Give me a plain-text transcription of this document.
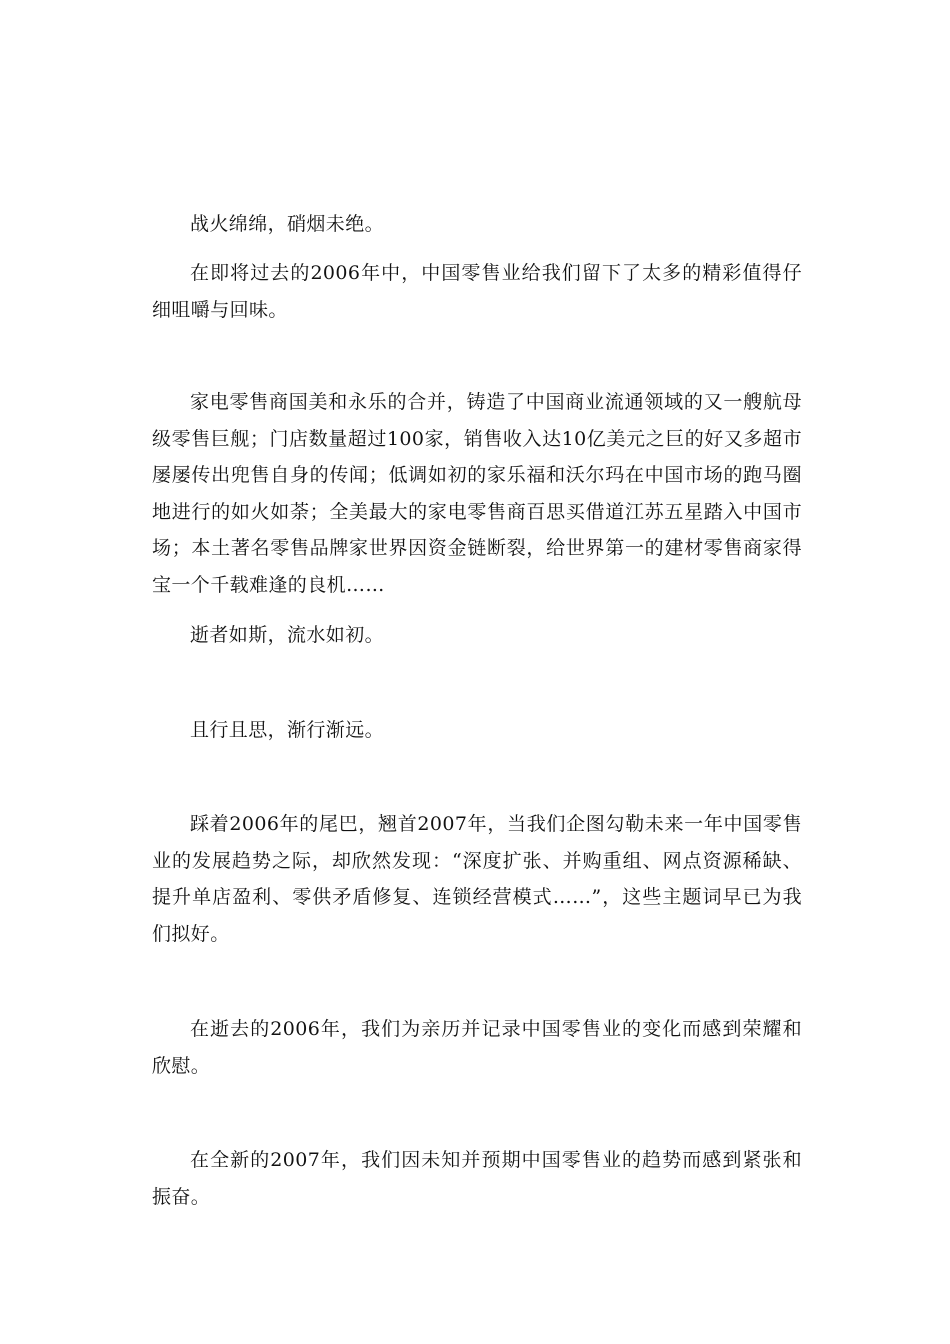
战火绵绵，硝烟未绝。

在即将过去的2006年中，中国零售业给我们留下了太多的精彩值得仔细咀嚼与回味。

家电零售商国美和永乐的合并，铸造了中国商业流通领域的又一艘航母级零售巨舰；门店数量超过100家，销售收入达10亿美元之巨的好又多超市屡屡传出兜售自身的传闻；低调如初的家乐福和沃尔玛在中国市场的跑马圈地进行的如火如荼；全美最大的家电零售商百思买借道江苏五星踏入中国市场；本土著名零售品牌家世界因资金链断裂，给世界第一的建材零售商家得宝一个千载难逢的良机……

逝者如斯，流水如初。

且行且思，渐行渐远。

踩着2006年的尾巴，翘首2007年，当我们企图勾勒未来一年中国零售业的发展趋势之际，却欣然发现：“深度扩张、并购重组、网点资源稀缺、提升单店盈利、零供矛盾修复、连锁经营模式……”，这些主题词早已为我们拟好。

在逝去的2006年，我们为亲历并记录中国零售业的变化而感到荣耀和欣慰。

在全新的2007年，我们因未知并预期中国零售业的趋势而感到紧张和振奋。
